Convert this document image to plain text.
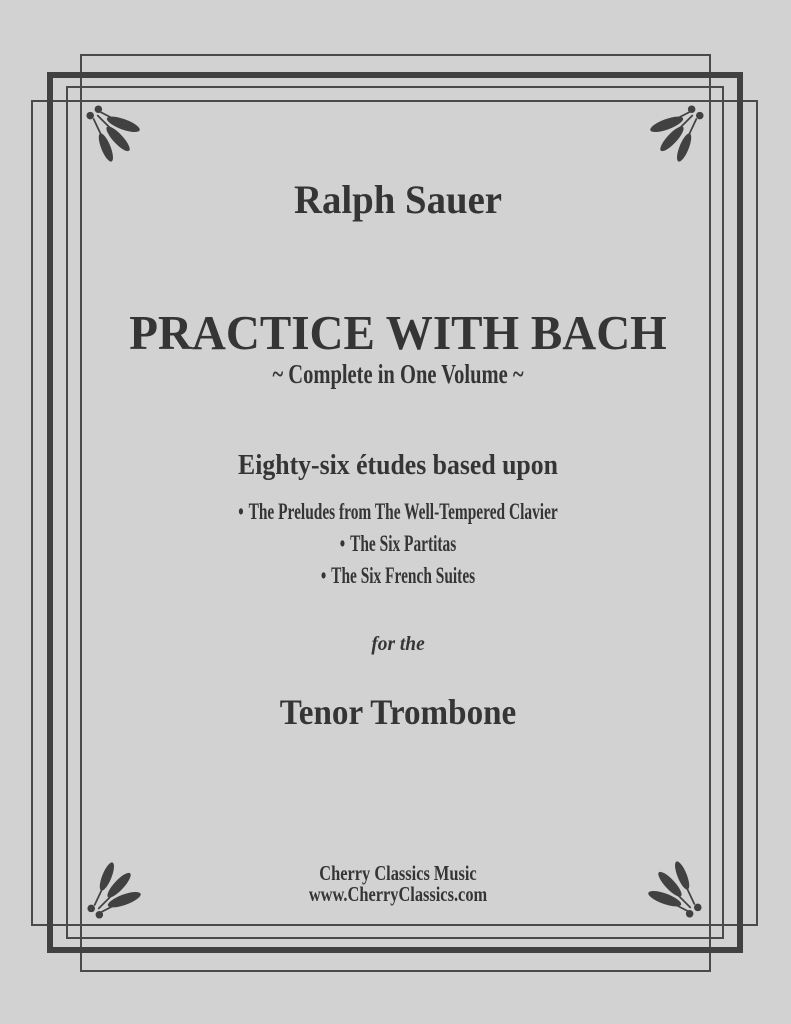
Ralph Sauer
PRACTICE WITH BACH
~ Complete in One Volume ~
Eighty-six études based upon
• The Preludes from The Well-Tempered Clavier
• The Six Partitas
• The Six French Suites
for the
Tenor Trombone
Cherry Classics Music
www.CherryClassics.com
